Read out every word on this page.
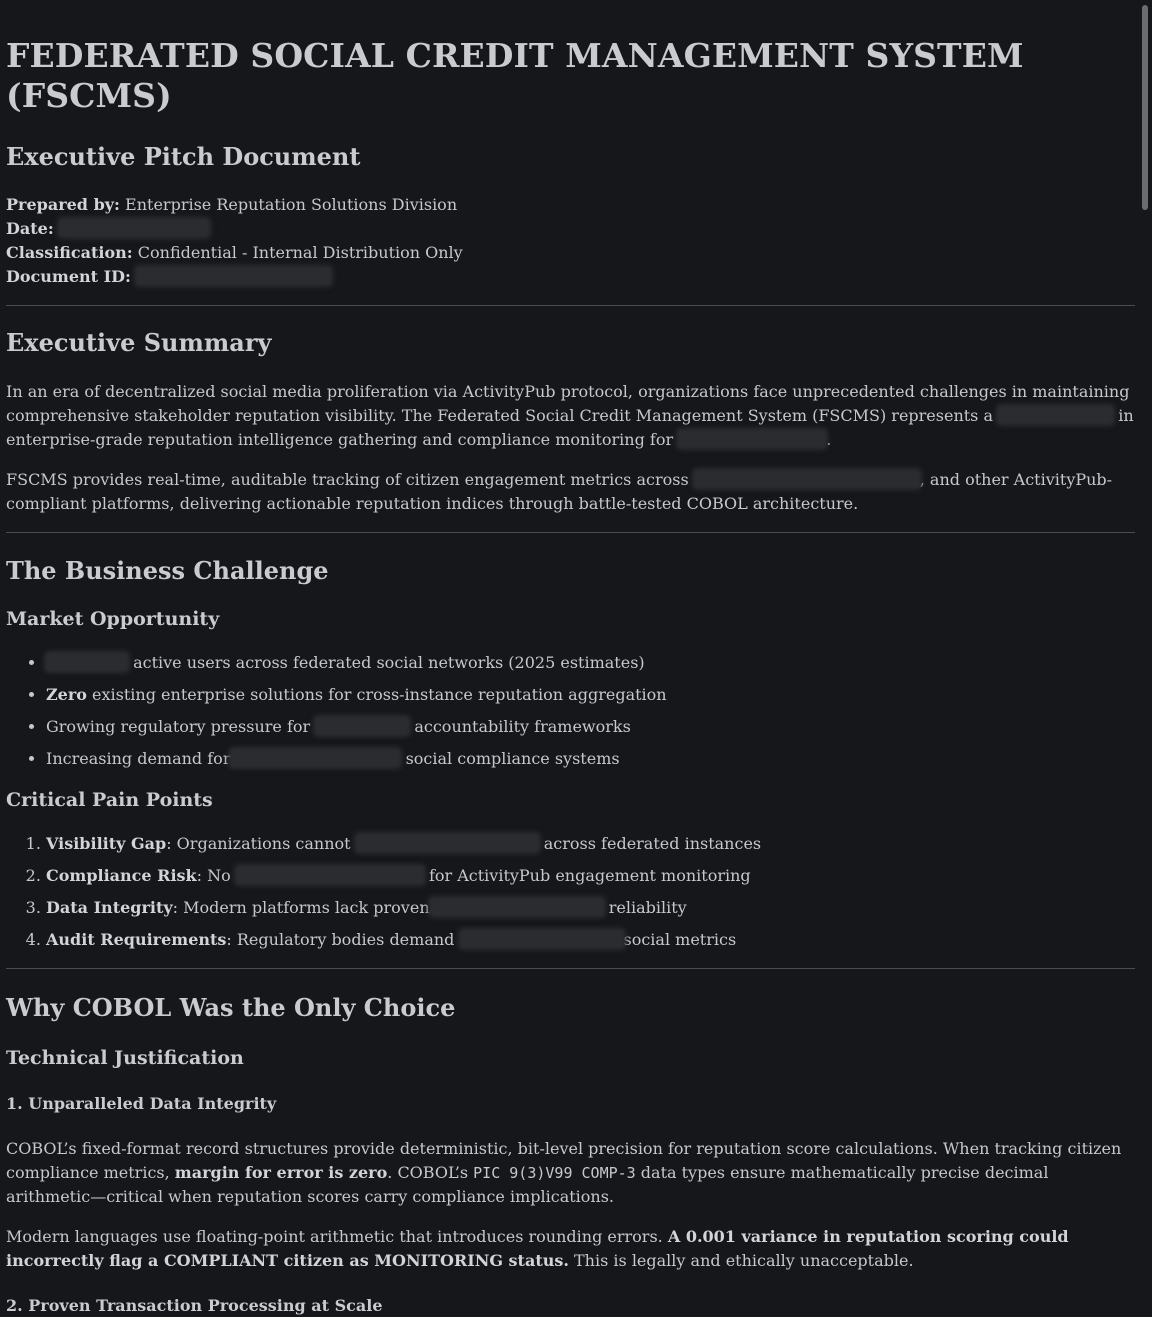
FEDERATED SOCIAL CREDIT MANAGEMENT SYSTEM (FSCMS)
Executive Pitch Document
Prepared by: Enterprise Reputation Solutions Division
Date:
Classification: Confidential - Internal Distribution Only
Document ID:
Executive Summary

In an era of decentralized social media proliferation via ActivityPub protocol, organizations face unprecedented challenges in maintaining comprehensive stakeholder reputation visibility. The Federated Social Credit Management System (FSCMS) represents a	in enterprise-grade reputation intelligence gathering and compliance monitoring for	.

FSCMS provides real-time, auditable tracking of citizen engagement metrics across	, and other ActivityPub-compliant platforms, delivering actionable reputation indices through battle-tested COBOL architecture.

The Business Challenge
Market Opportunity
• active users across federated social networks (2025 estimates)
• Zero existing enterprise solutions for cross-instance reputation aggregation
• Growing regulatory pressure for	accountability frameworks
• Increasing demand for	social compliance systems
Critical Pain Points
1. Visibility Gap: Organizations cannot	across federated instances
2. Compliance Risk: No	for ActivityPub engagement monitoring
3. Data Integrity: Modern platforms lack proven	reliability
4. Audit Requirements: Regulatory bodies demand	social metrics
Why COBOL Was the Only Choice
Technical Justification
1. Unparalleled Data Integrity

COBOL’s fixed-format record structures provide deterministic, bit-level precision for reputation score calculations. When tracking citizen compliance metrics, margin for error is zero. COBOL’s PIC 9(3)V99 COMP-3 data types ensure mathematically precise decimal arithmetic—critical when reputation scores carry compliance implications.

Modern languages use floating-point arithmetic that introduces rounding errors. A 0.001 variance in reputation scoring could incorrectly flag a COMPLIANT citizen as MONITORING status. This is legally and ethically unacceptable.

2. Proven Transaction Processing at Scale
